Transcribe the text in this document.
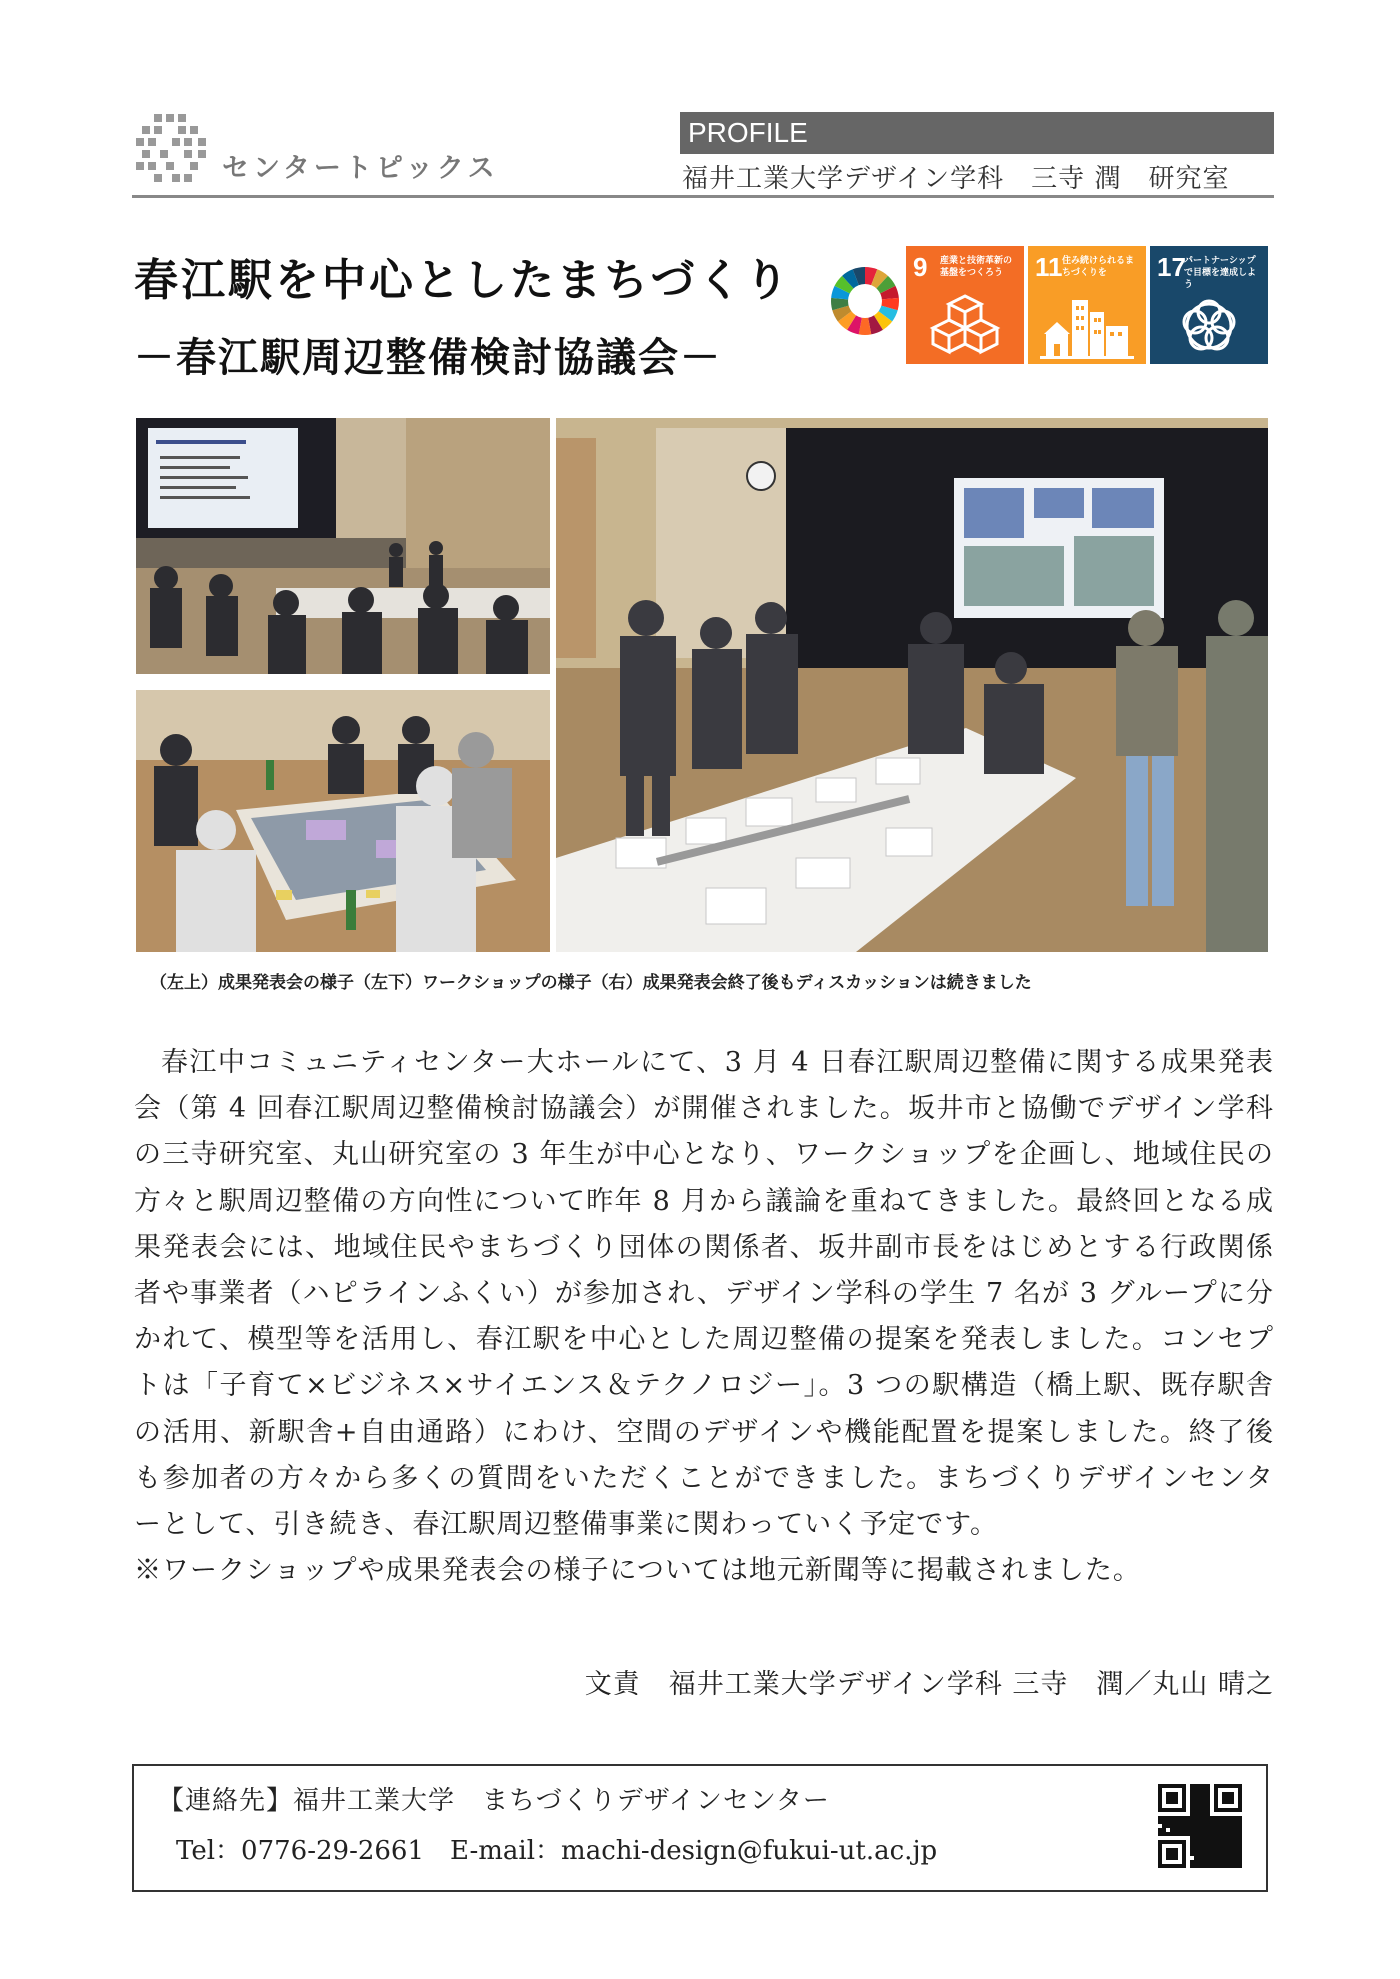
センタートピックス
PROFILE
福井工業大学デザイン学科　三寺 潤　研究室
春江駅を中心としたまちづくり
－春江駅周辺整備検討協議会－
9 産業と技術革新の基盤をつくろう	11 住み続けられるまちづくりを	17
パートナーシップで目標を達成しよう
（左上）成果発表会の様子（左下）ワークショップの様子（右）成果発表会終了後もディスカッションは続きました

春江中コミュニティセンター大ホールにて、3 月 4 日春江駅周辺整備に関する成果発表会（第 4 回春江駅周辺整備検討協議会）が開催されました。坂井市と協働でデザイン学科の三寺研究室、丸山研究室の 3 年生が中心となり、ワークショップを企画し、地域住民の方々と駅周辺整備の方向性について昨年 8 月から議論を重ねてきました。最終回となる成果発表会には、地域住民やまちづくり団体の関係者、坂井副市長をはじめとする行政関係者や事業者（ハピラインふくい）が参加され、デザイン学科の学生 7 名が 3 グループに分かれて、模型等を活用し、春江駅を中心とした周辺整備の提案を発表しました。コンセプトは「子育て×ビジネス×サイエンス＆テクノロジー」。3 つの駅構造（橋上駅、既存駅舎の活用、新駅舎+自由通路）にわけ、空間のデザインや機能配置を提案しました。終了後も参加者の方々から多くの質問をいただくことができました。まちづくりデザインセンターとして、引き続き、春江駅周辺整備事業に関わっていく予定です。

※ワークショップや成果発表会の様子については地元新聞等に掲載されました。

文責　福井工業大学デザイン学科 三寺　潤／丸山 晴之
【連絡先】福井工業大学　まちづくりデザインセンター
Tel：0776-29-2661　E-mail：machi-design@fukui-ut.ac.jp
